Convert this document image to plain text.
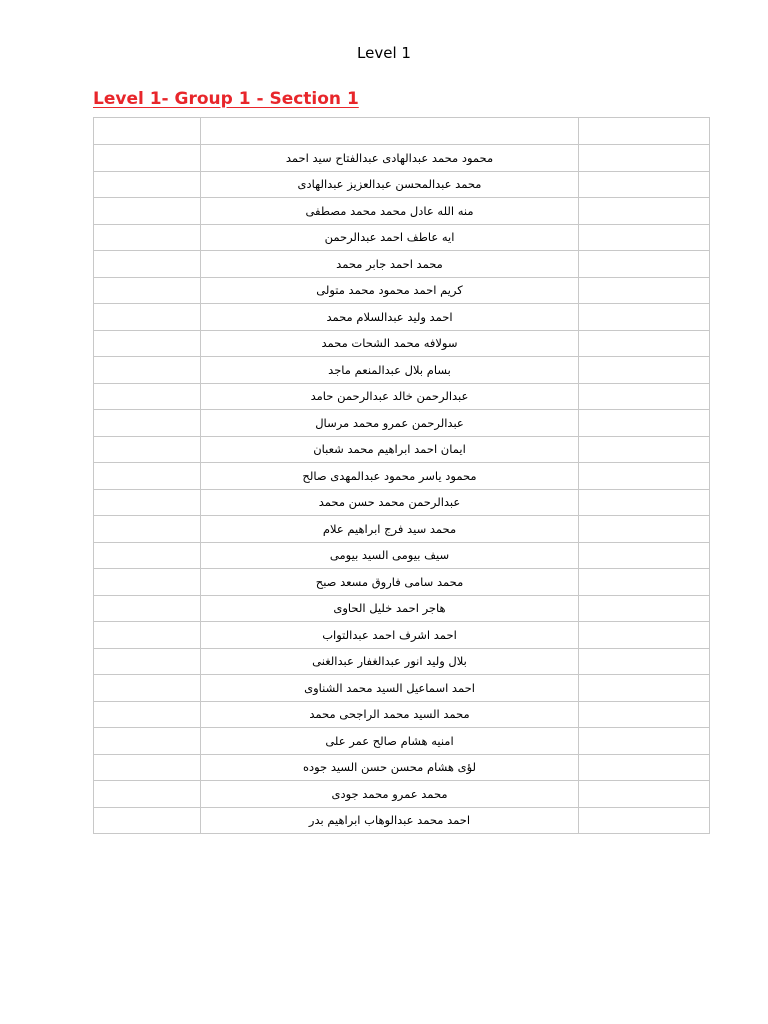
Level 1
Level 1- Group 1 - Section 1

	محمود محمد عبدالهادى عبدالفتاح سيد احمد	
	محمد عبدالمحسن عبدالعزيز عبدالهادى	
	منه الله عادل محمد محمد مصطفى	
	ايه عاطف احمد عبدالرحمن	
	محمد احمد جابر محمد	
	كريم احمد محمود محمد متولى	
	احمد وليد عبدالسلام محمد	
	سولافه محمد الشحات محمد	
	بسام بلال عبدالمنعم ماجد	
	عبدالرحمن خالد عبدالرحمن حامد	
	عبدالرحمن عمرو محمد مرسال	
	ايمان احمد ابراهيم محمد شعبان	
	محمود ياسر محمود عبدالمهدى صالح	
	عبدالرحمن محمد حسن محمد	
	محمد سيد فرج ابراهيم علام	
	سيف بيومى السيد بيومى	
	محمد سامى فاروق مسعد صبح	
	هاجر احمد خليل الحاوى	
	احمد اشرف احمد عبدالتواب	
	بلال وليد انور عبدالغفار عبدالغنى	
	احمد اسماعيل السيد محمد الشناوى	
	محمد السيد محمد الراجحى محمد	
	امنيه هشام صالح عمر على	
	لؤى هشام محسن حسن السيد جوده	
	محمد عمرو محمد جودى	
	احمد محمد عبدالوهاب ابراهيم بدر	
